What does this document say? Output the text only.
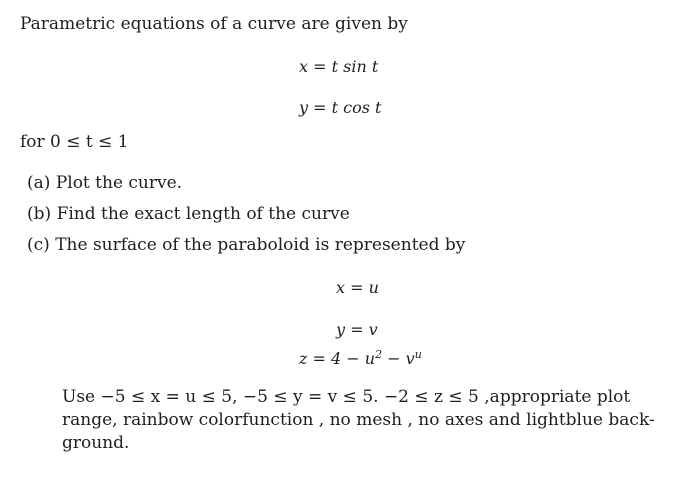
Parametric equations of a curve are given by
x = t sin t
y = t cos t
for 0 ≤ t ≤ 1
(a) Plot the curve.
(b) Find the exact length of the curve
(c) The surface of the paraboloid is represented by
x = u
y = v
$z = 4 - u^2 - v^u$
Use −5 ≤ x = u ≤ 5, −5 ≤ y = v ≤ 5. −2 ≤ z ≤ 5 ,appropriate plot range, rainbow colorfunction , no mesh , no axes and lightblue back-ground.
